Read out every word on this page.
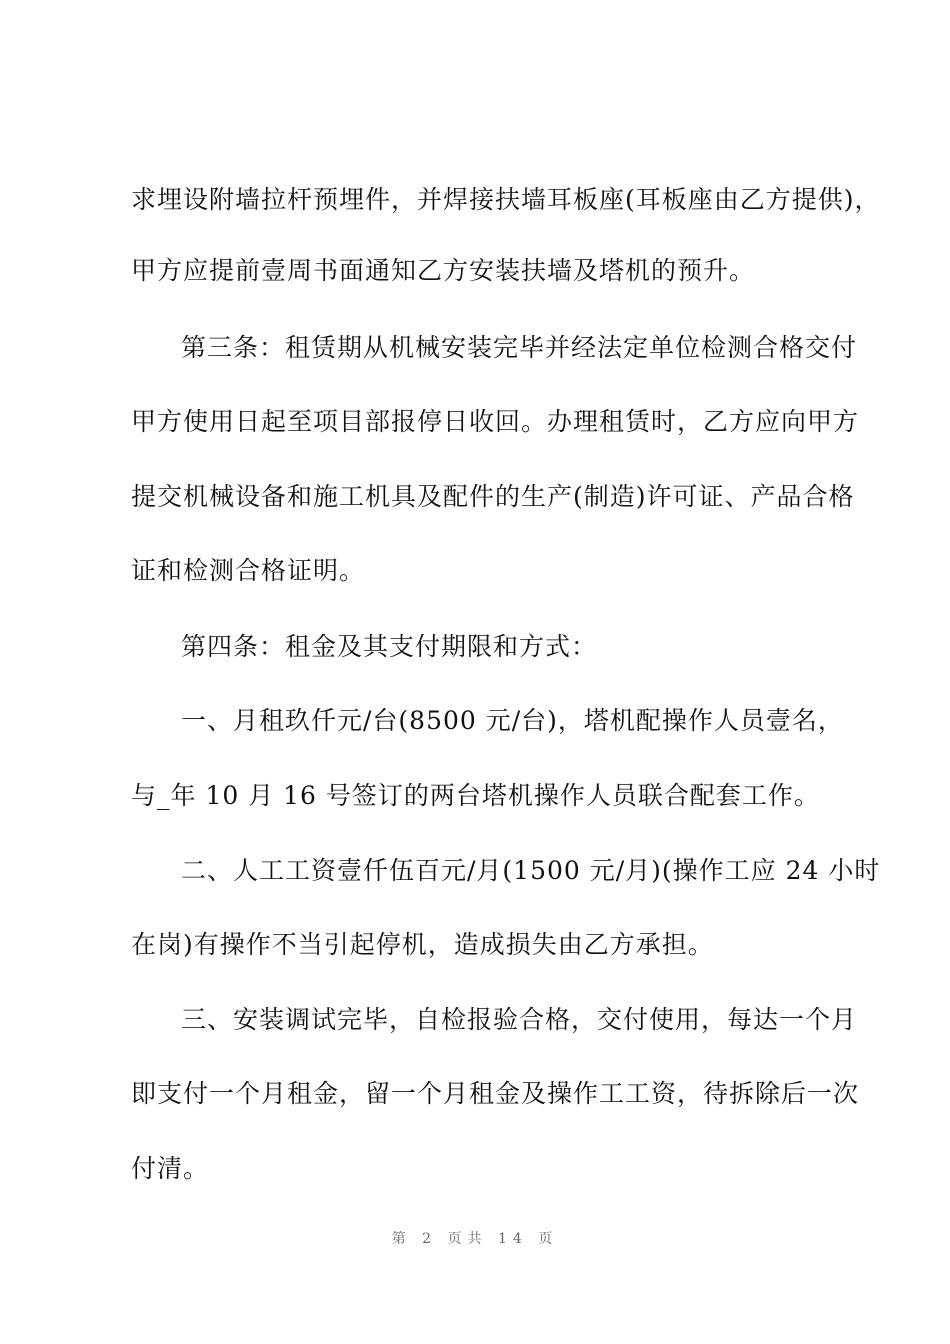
求埋设附墙拉杆预埋件，并焊接扶墙耳板座(耳板座由乙方提供)，
甲方应提前壹周书面通知乙方安装扶墙及塔机的预升。
第三条：租赁期从机械安装完毕并经法定单位检测合格交付
甲方使用日起至项目部报停日收回。办理租赁时，乙方应向甲方
提交机械设备和施工机具及配件的生产(制造)许可证、产品合格
证和检测合格证明。
第四条：租金及其支付期限和方式：
一、月租玖仟元/台(8500 元/台)，塔机配操作人员壹名，
与_年 10 月 16 号签订的两台塔机操作人员联合配套工作。
二、人工工资壹仟伍百元/月(1500 元/月)(操作工应 24 小时
在岗)有操作不当引起停机，造成损失由乙方承担。
三、安装调试完毕，自检报验合格，交付使用，每达一个月
即支付一个月租金，留一个月租金及操作工工资，待拆除后一次
付清。
第 2 页共 14 页
